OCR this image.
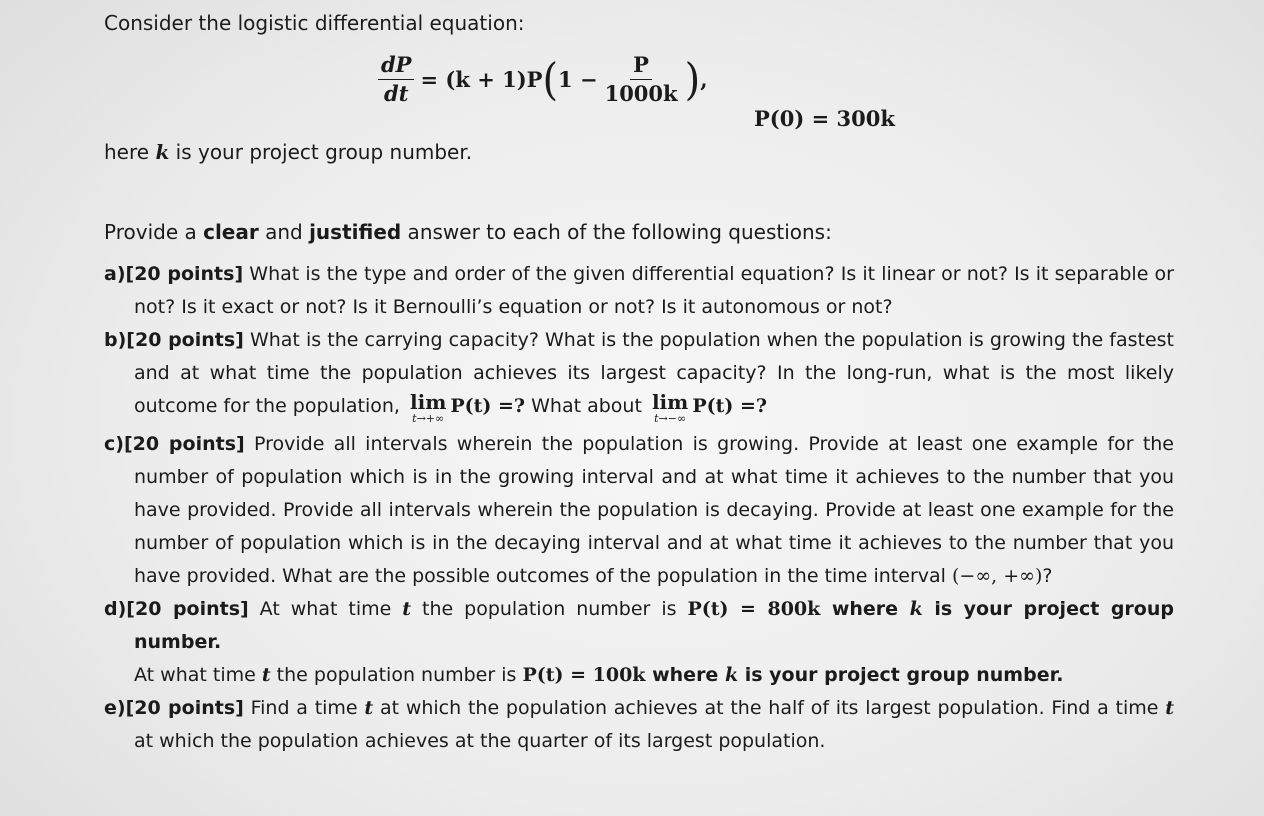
Consider the logistic differential equation:

$\frac{dP}{dt} = (k + 1)P$ ( $1 - \frac{P}{1000k}$ ) ,
P(0) = 300k

here k is your project group number.

Provide a clear and justified answer to each of the following questions:

a)[20 points] What is the type and order of the given differential equation? Is it linear or not? Is it separable or not? Is it exact or not? Is it Bernoulli’s equation or not? Is it autonomous or not?

b)[20 points] What is the carrying capacity? What is the population when the population is growing the fastest and at what time the population achieves its largest capacity? In the long-run, what is the most likely outcome for the population, lim
t→+∞
P(t) =? What about lim
t→−∞
P(t) =?

c)[20 points] Provide all intervals wherein the population is growing. Provide at least one example for the number of population which is in the growing interval and at what time it achieves to the number that you have provided. Provide all intervals wherein the population is decaying. Provide at least one example for the number of population which is in the decaying interval and at what time it achieves to the number that you have provided. What are the possible outcomes of the population in the time interval (−∞, +∞)?

d)[20 points] At what time t the population number is P(t) = 800k where k is your project group number.
At what time t the population number is P(t) = 100k where k is your project group number.

e)[20 points] Find a time t at which the population achieves at the half of its largest population. Find a time t at which the population achieves at the quarter of its largest population.
